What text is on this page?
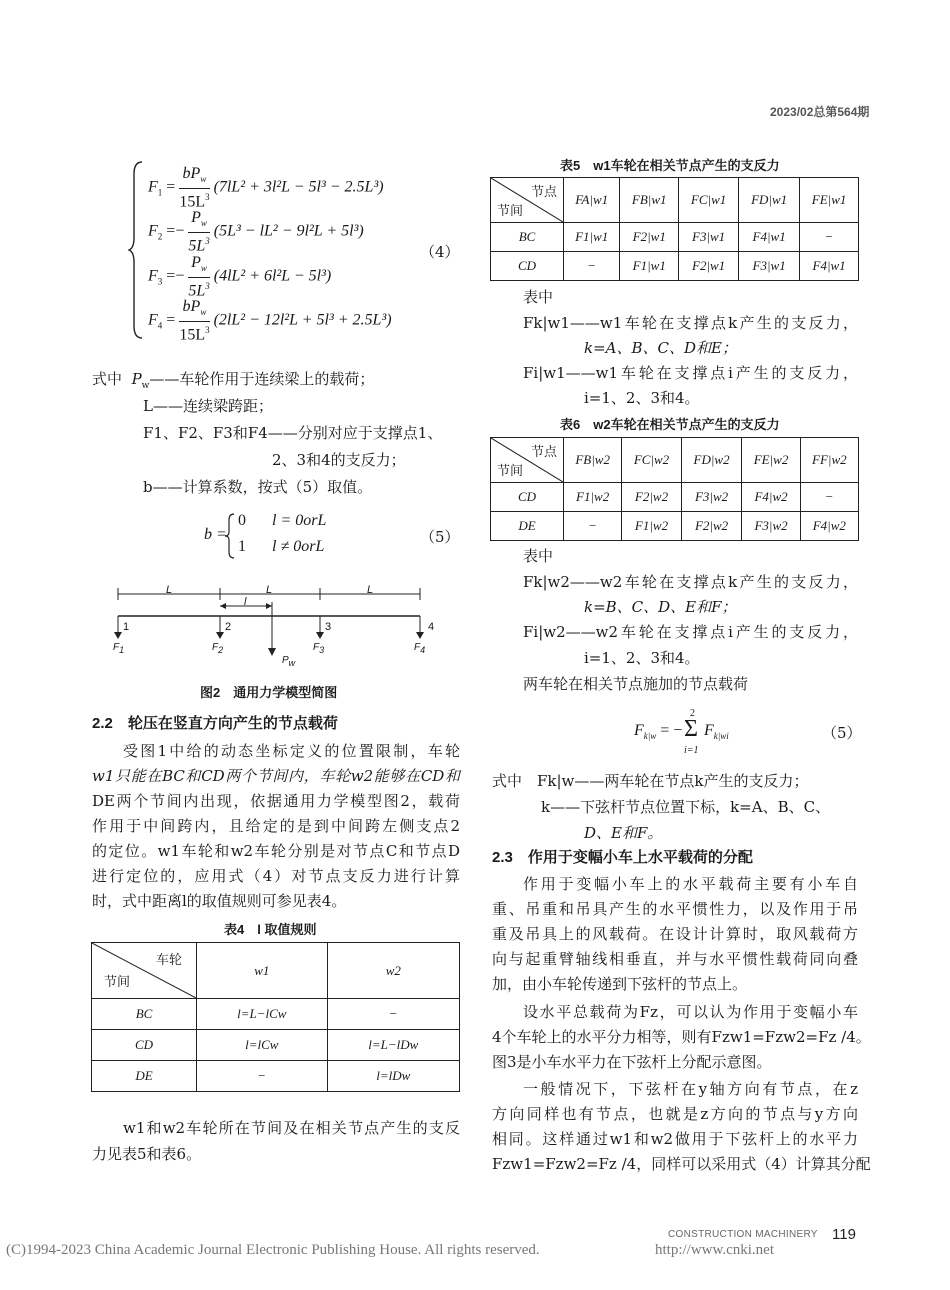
2023/02总第564期
$F_1 = \frac{bP_w}{15L^3} (7lL^2 + 3l^2L - 5l^3 - 2.5L^3)$
$F_2 =- \frac{P_w}{5L^3} (5L^3 - lL^2 - 9l^2L + 5l^3)$
$F_3 =- \frac{P_w}{5L^3} (4lL^2 + 6l^2L - 5l^3)$
$F_4 = \frac{bP_w}{15L^3} (2lL^2 - 12l^2L + 5l^3 + 2.5L^3)$
（4）
式中 $P_w——$车轮作用于连续梁上的载荷；
L——连续梁跨距；
F1、F2、F3和F4——分别对应于支撑点1、
2、3和4的支反力；
b——计算系数，按式（5）取值。
b =
0 l = 0orL
1 l ≠ 0orL
（5）
L	L	L
l
1	2	3	4
$F_1$	$F_2$	$F_3$	$F_4$
$P_w$
图2　通用力学模型简图
2.2　轮压在竖直方向产生的节点载荷
受图1中给的动态坐标定义的位置限制，车轮
w1只能在BC和CD两个节间内，车轮w2能够在CD和
DE两个节间内出现，依据通用力学模型图2，载荷
作用于中间跨内，且给定的是到中间跨左侧支点2
的定位。w1车轮和w2车轮分别是对节点C和节点D
进行定位的，应用式（4）对节点支反力进行计算
时，式中距离l的取值规则可参见表4。
表4　l 取值规则
车轮
节间	w1	w2
BC	l=L−lCw	−
CD	l=lCw	l=L−lDw
DE	−	l=lDw
w1和w2车轮所在节间及在相关节点产生的支反
力见表5和表6。
表5　w1车轮在相关节点产生的支反力
节点
节间	FA|w1	FB|w1	FC|w1	FD|w1	FE|w1
BC	F1|w1	F2|w1	F3|w1	F4|w1	−
CD	−	F1|w1	F2|w1	F3|w1	F4|w1
表中
Fk|w1——w1车轮在支撑点k产生的支反力，
k=A、B、C、D和E；
Fi|w1——w1车轮在支撑点i产生的支反力，
i=1、2、3和4。
表6　w2车轮在相关节点产生的支反力
节点
节间	FB|w2	FC|w2	FD|w2	FE|w2	FF|w2
CD	F1|w2	F2|w2	F3|w2	F4|w2	−
DE	−	F1|w2	F2|w2	F3|w2	F4|w2
表中
Fk|w2——w2车轮在支撑点k产生的支反力，
k=B、C、D、E和F；
Fi|w2——w2车轮在支撑点i产生的支反力，
i=1、2、3和4。
两车轮在相关节点施加的节点载荷
$F_{k|w}$ = −
2
Σ
i=1
$F_{k|wi}$	（5）
式中　Fk|w——两车轮在节点k产生的支反力；
k——下弦杆节点位置下标，k=A、B、C、
D、E和F。
2.3　作用于变幅小车上水平载荷的分配
作用于变幅小车上的水平载荷主要有小车自
重、吊重和吊具产生的水平惯性力，以及作用于吊
重及吊具上的风载荷。在设计计算时，取风载荷方
向与起重臂轴线相垂直，并与水平惯性载荷同向叠
加，由小车轮传递到下弦杆的节点上。
设水平总载荷为Fz，可以认为作用于变幅小车
4个车轮上的水平分力相等，则有Fzw1=Fzw2=Fz /4。
图3是小车水平力在下弦杆上分配示意图。
一般情况下，下弦杆在y轴方向有节点，在z
方向同样也有节点，也就是z方向的节点与y方向
相同。这样通过w1和w2做用于下弦杆上的水平力
Fzw1=Fzw2=Fz /4，同样可以采用式（4）计算其分配
CONSTRUCTION MACHINERY 119
(C)1994-2023 China Academic Journal Electronic Publishing House. All rights reserved.	http://www.cnki.net
